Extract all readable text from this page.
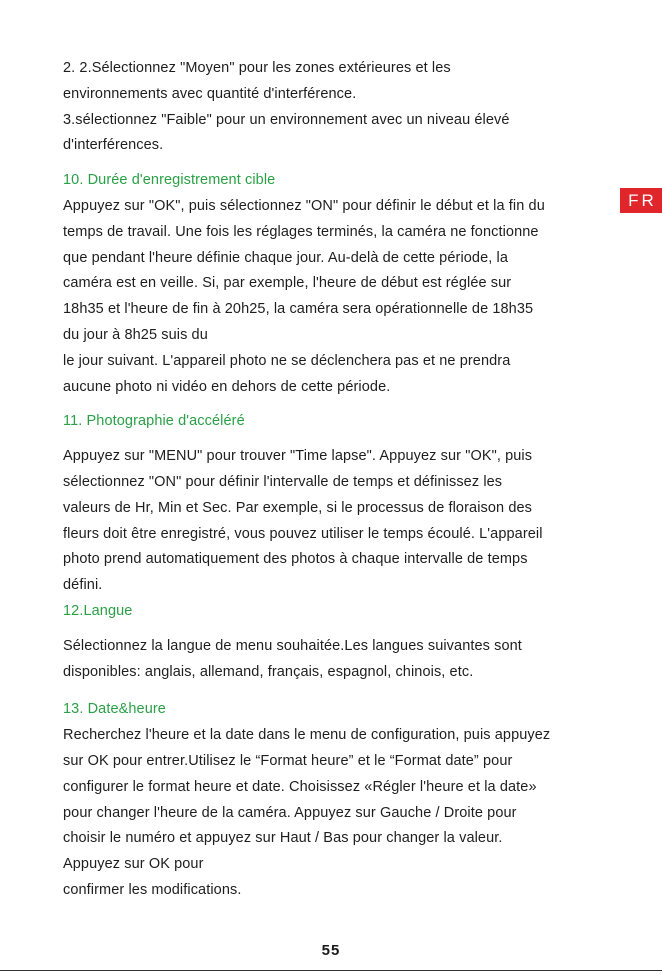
2. 2.Sélectionnez "Moyen" pour les zones extérieures et les
environnements avec quantité d'interférence.
3.sélectionnez "Faible" pour un environnement avec un niveau élevé
d'interférences.
10. Durée d'enregistrement cible
Appuyez sur "OK", puis sélectionnez "ON" pour définir le début et la fin du
temps de travail. Une fois les réglages terminés, la caméra ne fonctionne
que pendant l'heure définie chaque jour. Au-delà de cette période, la
caméra est en veille. Si, par exemple, l'heure de début est réglée sur
18h35 et l'heure de fin à 20h25, la caméra sera opérationnelle de 18h35
du jour à 8h25 suis du
le jour suivant. L'appareil photo ne se déclenchera pas et ne prendra
aucune photo ni vidéo en dehors de cette période.
11. Photographie d'accéléré
Appuyez sur "MENU" pour trouver "Time lapse". Appuyez sur "OK", puis
sélectionnez "ON" pour définir l'intervalle de temps et définissez les
valeurs de Hr, Min et Sec. Par exemple, si le processus de floraison des
fleurs doit être enregistré, vous pouvez utiliser le temps écoulé. L'appareil
photo prend automatiquement des photos à chaque intervalle de temps
défini.
12.Langue
Sélectionnez la langue de menu souhaitée.Les langues suivantes sont
disponibles: anglais, allemand, français, espagnol, chinois, etc.
13. Date&heure
Recherchez l'heure et la date dans le menu de configuration, puis appuyez
sur OK pour entrer.Utilisez le “Format heure” et le “Format date” pour
configurer le format heure et date. Choisissez «Régler l'heure et la date»
pour changer l'heure de la caméra. Appuyez sur Gauche / Droite pour
choisir le numéro et appuyez sur Haut / Bas pour changer la valeur.
Appuyez sur OK pour
confirmer les modifications.
FR
55
